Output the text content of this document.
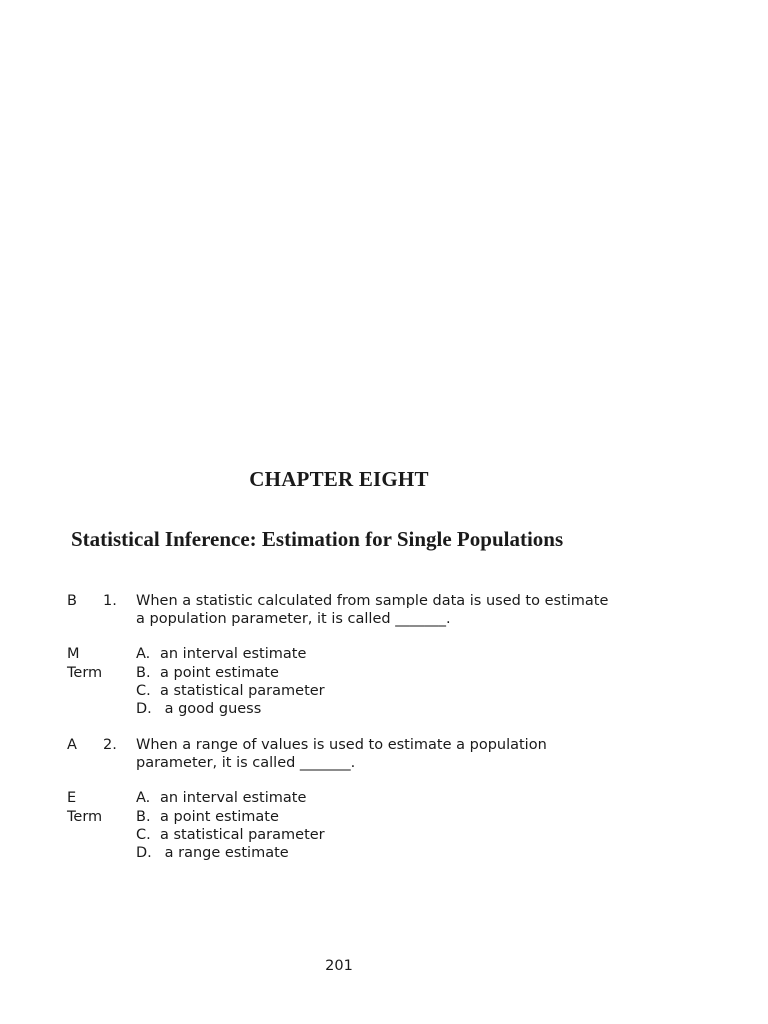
CHAPTER EIGHT
Statistical Inference: Estimation for Single Populations
B 1. When a statistic calculated from sample data is used to estimate
a population parameter, it is called _______.
M	A. an interval estimate
Term B. a point estimate
C. a statistical parameter
D. a good guess
A 2. When a range of values is used to estimate a population
parameter, it is called _______.
E	A. an interval estimate
Term B. a point estimate
C. a statistical parameter
D. a range estimate
201
